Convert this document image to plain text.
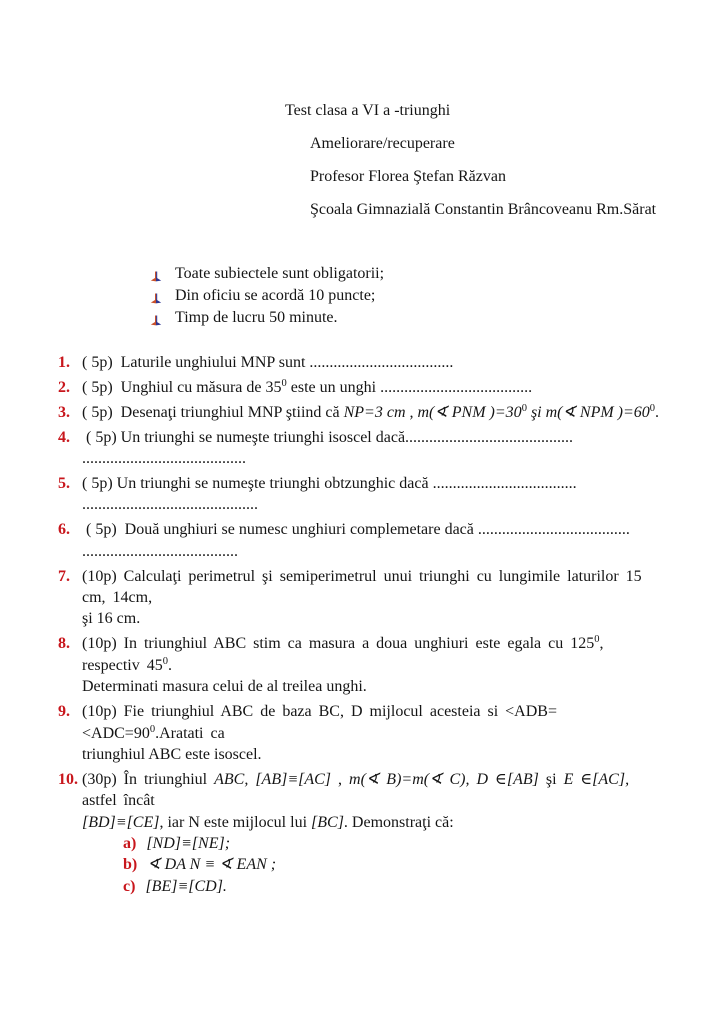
Test clasa a VI a -triunghi
Ameliorare/recuperare
Profesor Florea Ştefan Răzvan
Şcoala Gimnazială Constantin Brâncoveanu Rm.Sărat
Toate subiectele sunt obligatorii;
Din oficiu se acordă 10 puncte;
Timp de lucru 50 minute.
1. ( 5p)  Laturile unghiului MNP sunt ....................................
2. ( 5p)  Unghiul cu măsura de $35^0$ este un unghi ......................................
3. ( 5p)  Desenaţi triunghiul MNP ştiind că NP=3 cm , m(∢ PNM )$=30^0$ şi m(∢ NPM )$=60^0$.
4. ( 5p) Un triunghi se numeşte triunghi isoscel dacă..........................................
.........................................
5. ( 5p) Un triunghi se numeşte triunghi obtzunghic dacă ....................................
............................................
6. ( 5p)  Două unghiuri se numesc unghiuri complemetare dacă ......................................
.......................................
7. (10p) Calculaţi perimetrul şi semiperimetrul unui triunghi cu lungimile laturilor 15 cm, 14cm,
şi 16 cm.
8. (10p) In triunghiul ABC stim ca masura a doua unghiuri este egala cu $125^0$, respectiv $45^0$.
Determinati masura celui de al treilea unghi.
9. (10p) Fie triunghiul ABC de baza BC, D mijlocul acesteia si $<ADB=<ADC=90^0.Aratati$ ca
triunghiul ABC este isoscel.
10. (30p) În triunghiul ABC, [AB]≡[AC] , m(∢ B)=m(∢ C), D ∈[AB] şi E ∈[AC], astfel încât
[BD]≡[CE], iar N este mijlocul lui [BC]. Demonstraţi că:
a) [ND]≡[NE];
b) ∢ DA N ≡ ∢ EAN ;
c) [BE]≡[CD].
